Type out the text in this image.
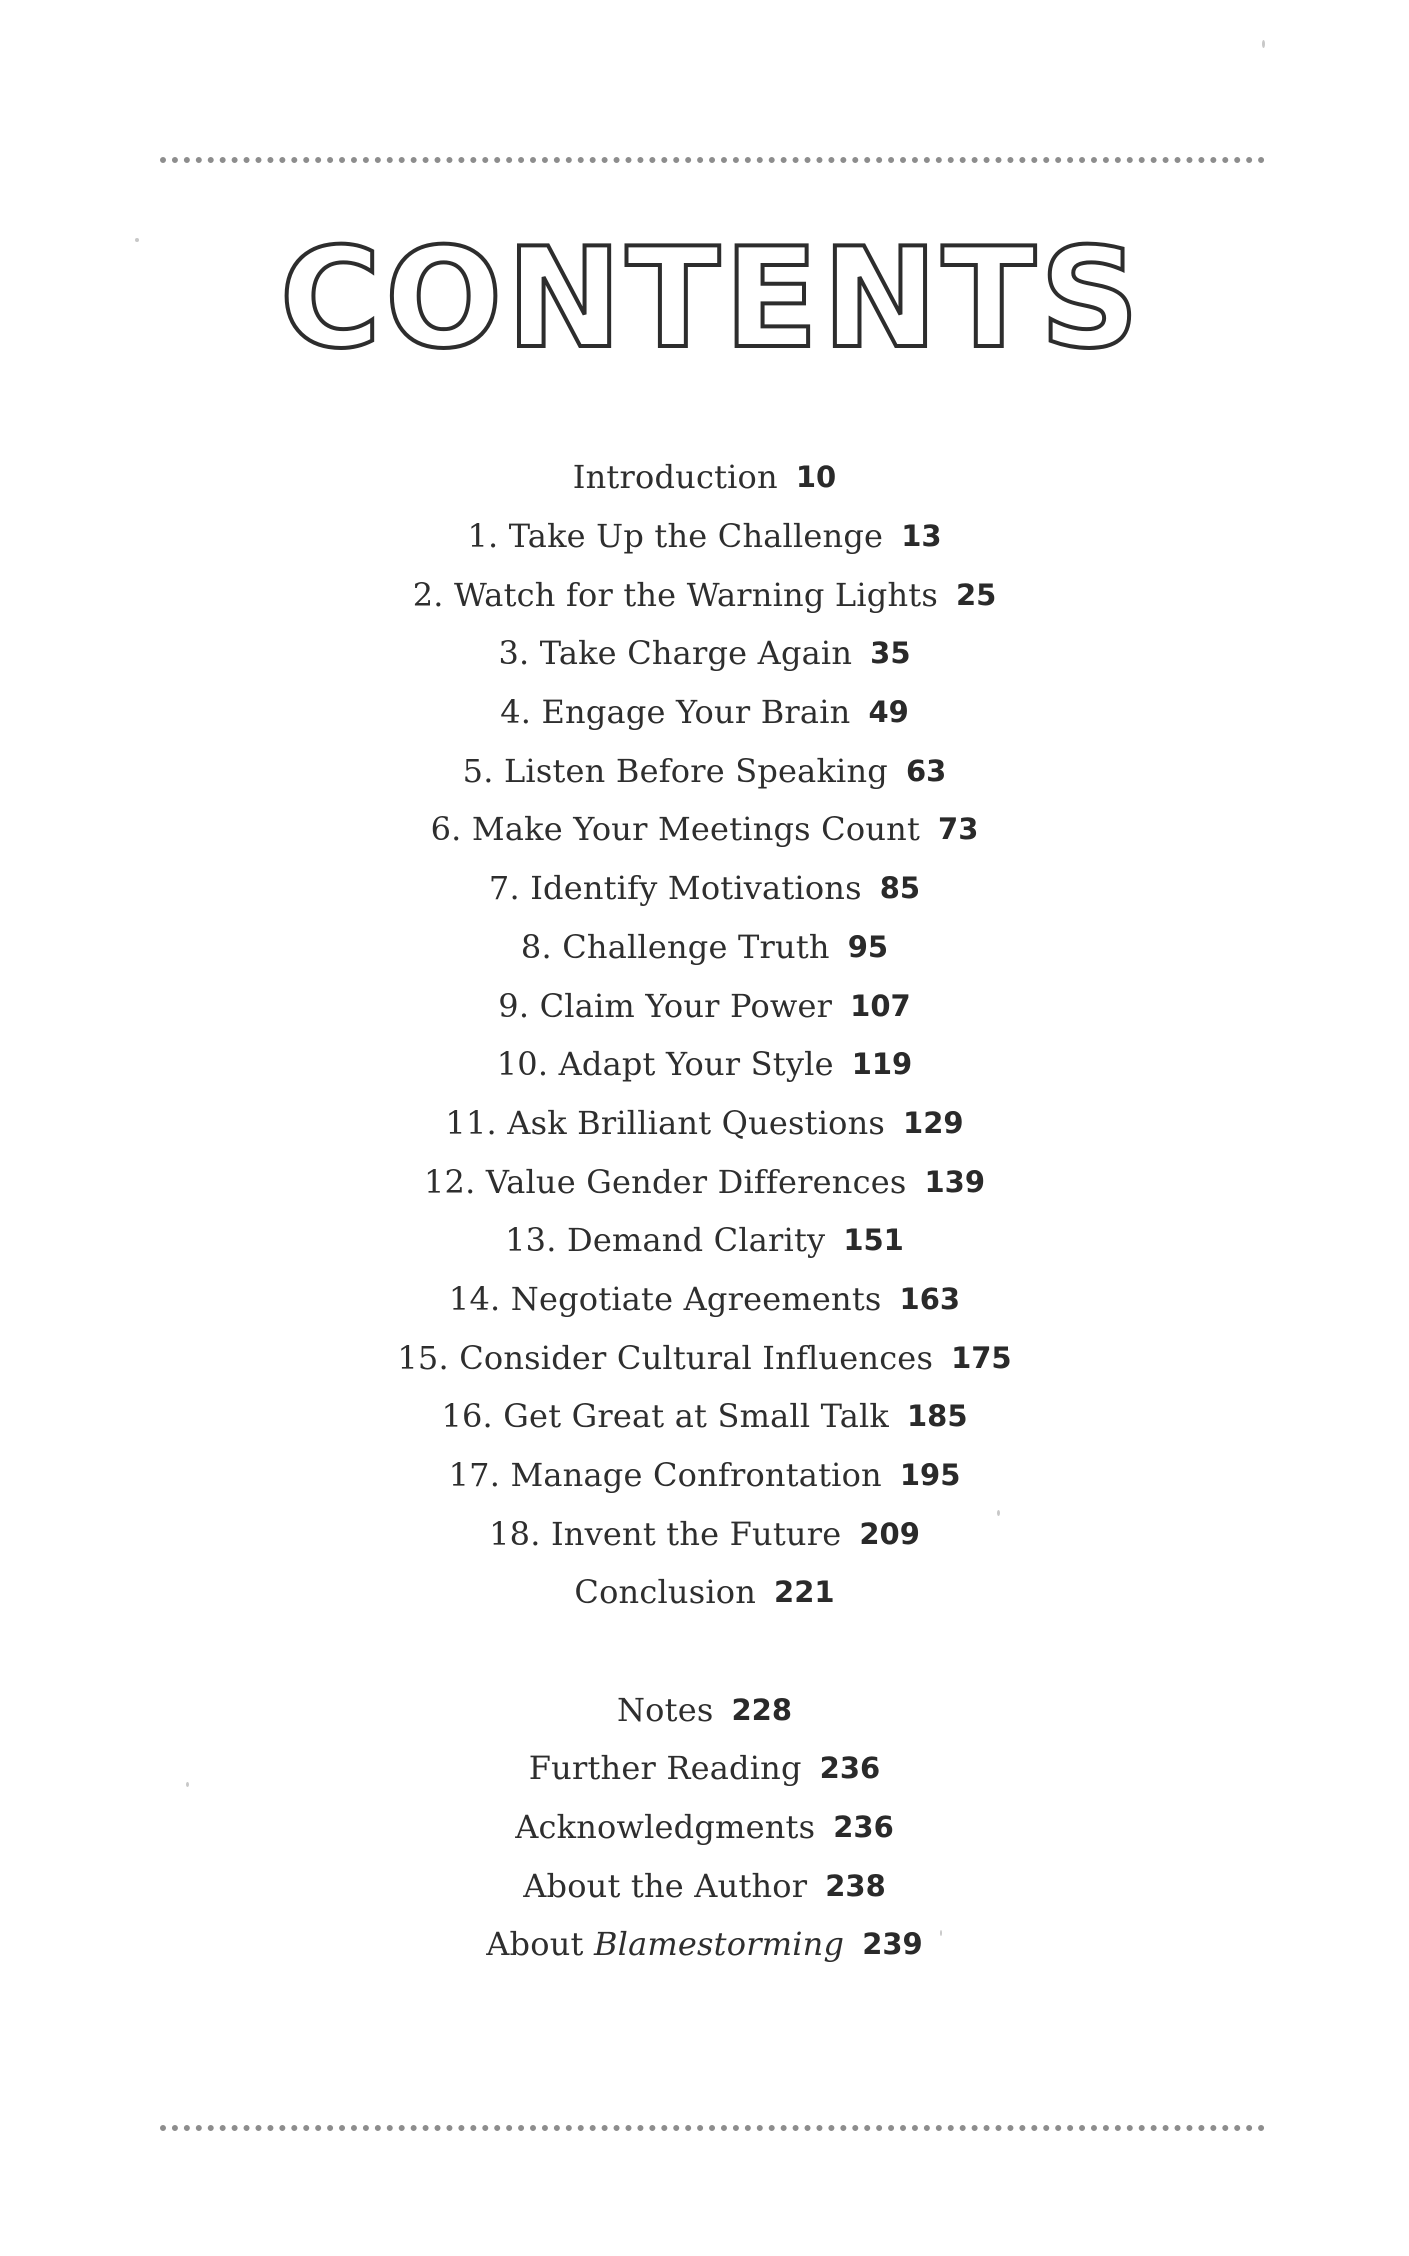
CONTENTS
Introduction 10
1. Take Up the Challenge 13
2. Watch for the Warning Lights 25
3. Take Charge Again 35
4. Engage Your Brain 49
5. Listen Before Speaking 63
6. Make Your Meetings Count 73
7. Identify Motivations 85
8. Challenge Truth 95
9. Claim Your Power 107
10. Adapt Your Style 119
11. Ask Brilliant Questions 129
12. Value Gender Differences 139
13. Demand Clarity 151
14. Negotiate Agreements 163
15. Consider Cultural Influences 175
16. Get Great at Small Talk 185
17. Manage Confrontation 195
18. Invent the Future 209
Conclusion 221
Notes 228
Further Reading 236
Acknowledgments 236
About the Author 238
About Blamestorming 239
